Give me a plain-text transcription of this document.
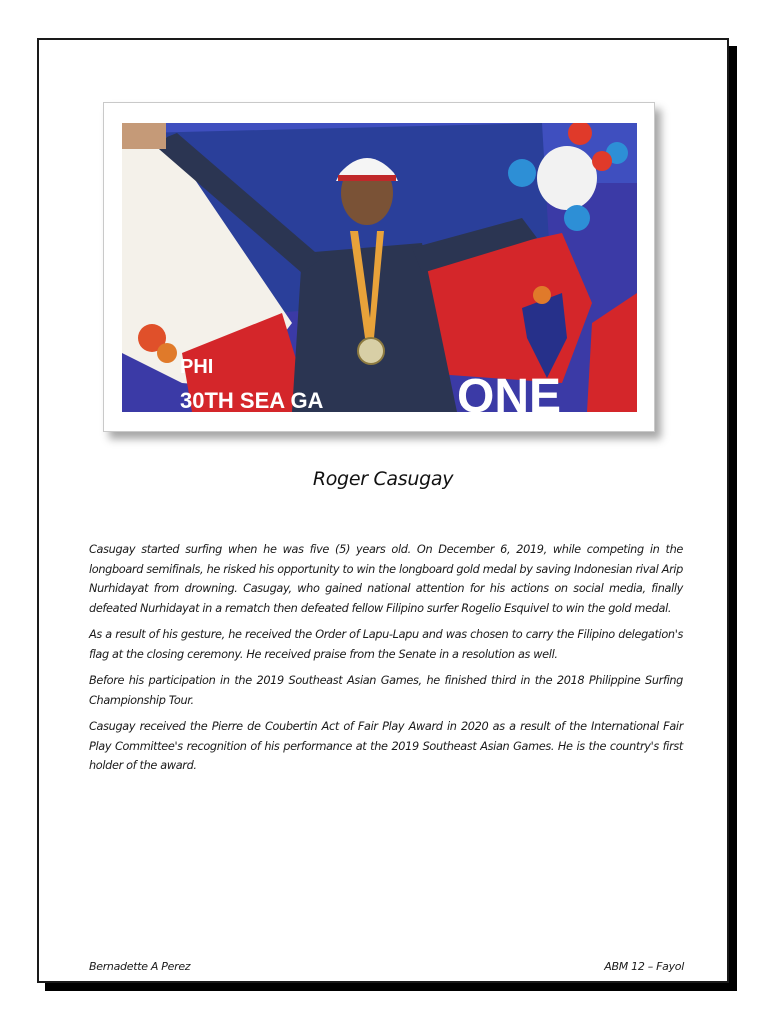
PHI
30TH SEA GA	ONE
Roger Casugay

Casugay started surfing when he was five (5) years old. On December 6, 2019, while competing in the longboard semifinals, he risked his opportunity to win the longboard gold medal by saving Indonesian rival Arip Nurhidayat from drowning. Casugay, who gained national attention for his actions on social media, finally defeated Nurhidayat in a rematch then defeated fellow Filipino surfer Rogelio Esquivel to win the gold medal.

As a result of his gesture, he received the Order of Lapu-Lapu and was chosen to carry the Filipino delegation's flag at the closing ceremony. He received praise from the Senate in a resolution as well.

Before his participation in the 2019 Southeast Asian Games, he finished third in the 2018 Philippine Surfing Championship Tour.

Casugay received the Pierre de Coubertin Act of Fair Play Award in 2020 as a result of the International Fair Play Committee's recognition of his performance at the 2019 Southeast Asian Games. He is the country's first holder of the award.

Bernadette A Perez	ABM 12 – Fayol
